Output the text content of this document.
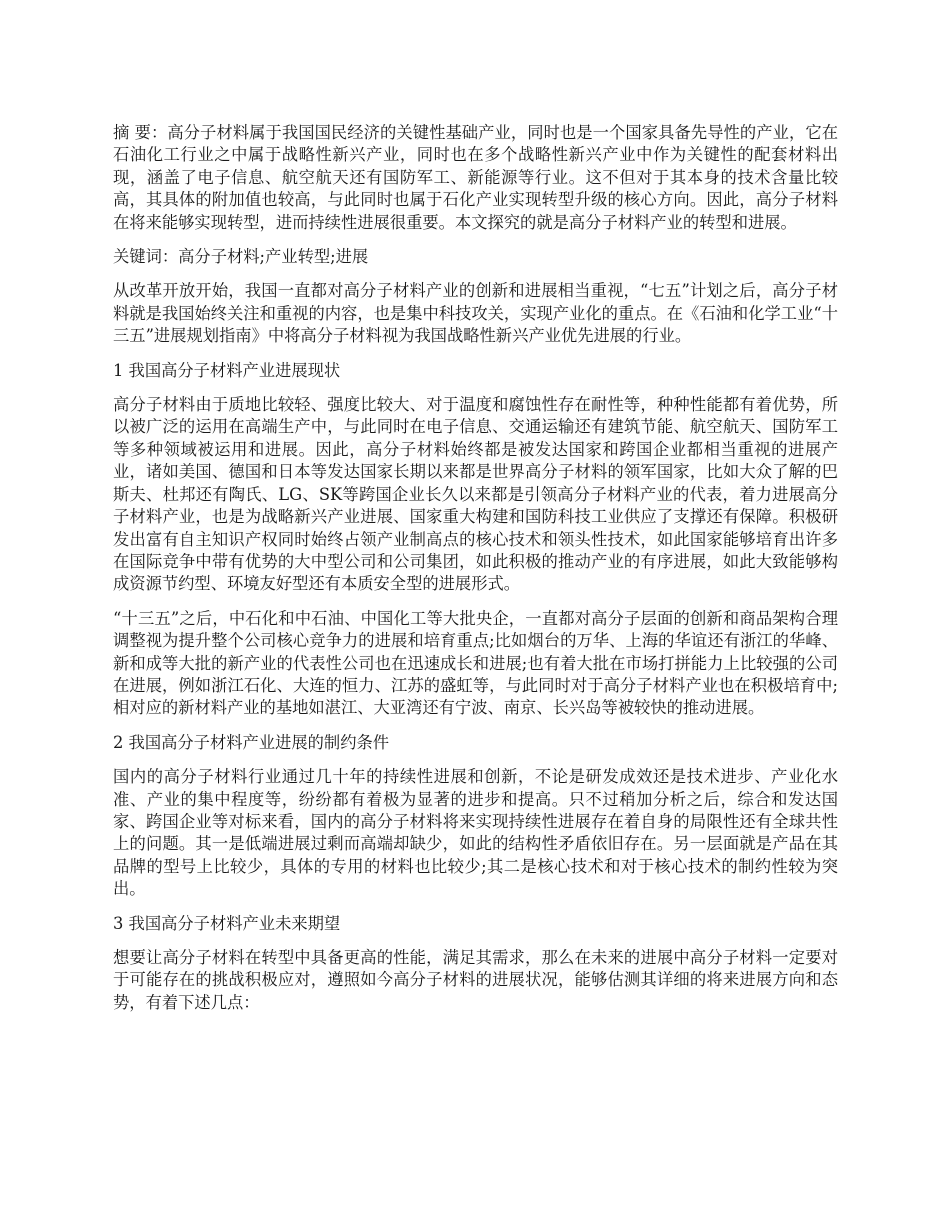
摘 要：高分子材料属于我国国民经济的关键性基础产业，同时也是一个国家具备先导性的产业，它在石油化工行业之中属于战略性新兴产业，同时也在多个战略性新兴产业中作为关键性的配套材料出现，涵盖了电子信息、航空航天还有国防军工、新能源等行业。这不但对于其本身的技术含量比较高，其具体的附加值也较高，与此同时也属于石化产业实现转型升级的核心方向。因此，高分子材料在将来能够实现转型，进而持续性进展很重要。本文探究的就是高分子材料产业的转型和进展。

关键词：高分子材料;产业转型;进展

从改革开放开始，我国一直都对高分子材料产业的创新和进展相当重视，“七五”计划之后，高分子材料就是我国始终关注和重视的内容，也是集中科技攻关，实现产业化的重点。在《石油和化学工业“十三五”进展规划指南》中将高分子材料视为我国战略性新兴产业优先进展的行业。

1 我国高分子材料产业进展现状

高分子材料由于质地比较轻、强度比较大、对于温度和腐蚀性存在耐性等，种种性能都有着优势，所以被广泛的运用在高端生产中，与此同时在电子信息、交通运输还有建筑节能、航空航天、国防军工等多种领域被运用和进展。因此，高分子材料始终都是被发达国家和跨国企业都相当重视的进展产业，诸如美国、德国和日本等发达国家长期以来都是世界高分子材料的领军国家，比如大众了解的巴斯夫、杜邦还有陶氏、LG、SK等跨国企业长久以来都是引领高分子材料产业的代表，着力进展高分子材料产业，也是为战略新兴产业进展、国家重大构建和国防科技工业供应了支撑还有保障。积极研发出富有自主知识产权同时始终占领产业制高点的核心技术和领头性技术，如此国家能够培育出许多在国际竞争中带有优势的大中型公司和公司集团，如此积极的推动产业的有序进展，如此大致能够构成资源节约型、环境友好型还有本质安全型的进展形式。

“十三五”之后，中石化和中石油、中国化工等大批央企，一直都对高分子层面的创新和商品架构合理调整视为提升整个公司核心竞争力的进展和培育重点;比如烟台的万华、上海的华谊还有浙江的华峰、新和成等大批的新产业的代表性公司也在迅速成长和进展;也有着大批在市场打拼能力上比较强的公司在进展，例如浙江石化、大连的恒力、江苏的盛虹等，与此同时对于高分子材料产业也在积极培育中;相对应的新材料产业的基地如湛江、大亚湾还有宁波、南京、长兴岛等被较快的推动进展。

2 我国高分子材料产业进展的制约条件

国内的高分子材料行业通过几十年的持续性进展和创新，不论是研发成效还是技术进步、产业化水准、产业的集中程度等，纷纷都有着极为显著的进步和提高。只不过稍加分析之后，综合和发达国家、跨国企业等对标来看，国内的高分子材料将来实现持续性进展存在着自身的局限性还有全球共性上的问题。其一是低端进展过剩而高端却缺少，如此的结构性矛盾依旧存在。另一层面就是产品在其品牌的型号上比较少，具体的专用的材料也比较少;其二是核心技术和对于核心技术的制约性较为突出。

3 我国高分子材料产业未来期望

想要让高分子材料在转型中具备更高的性能，满足其需求，那么在未来的进展中高分子材料一定要对于可能存在的挑战积极应对，遵照如今高分子材料的进展状况，能够估测其详细的将来进展方向和态势，有着下述几点：
